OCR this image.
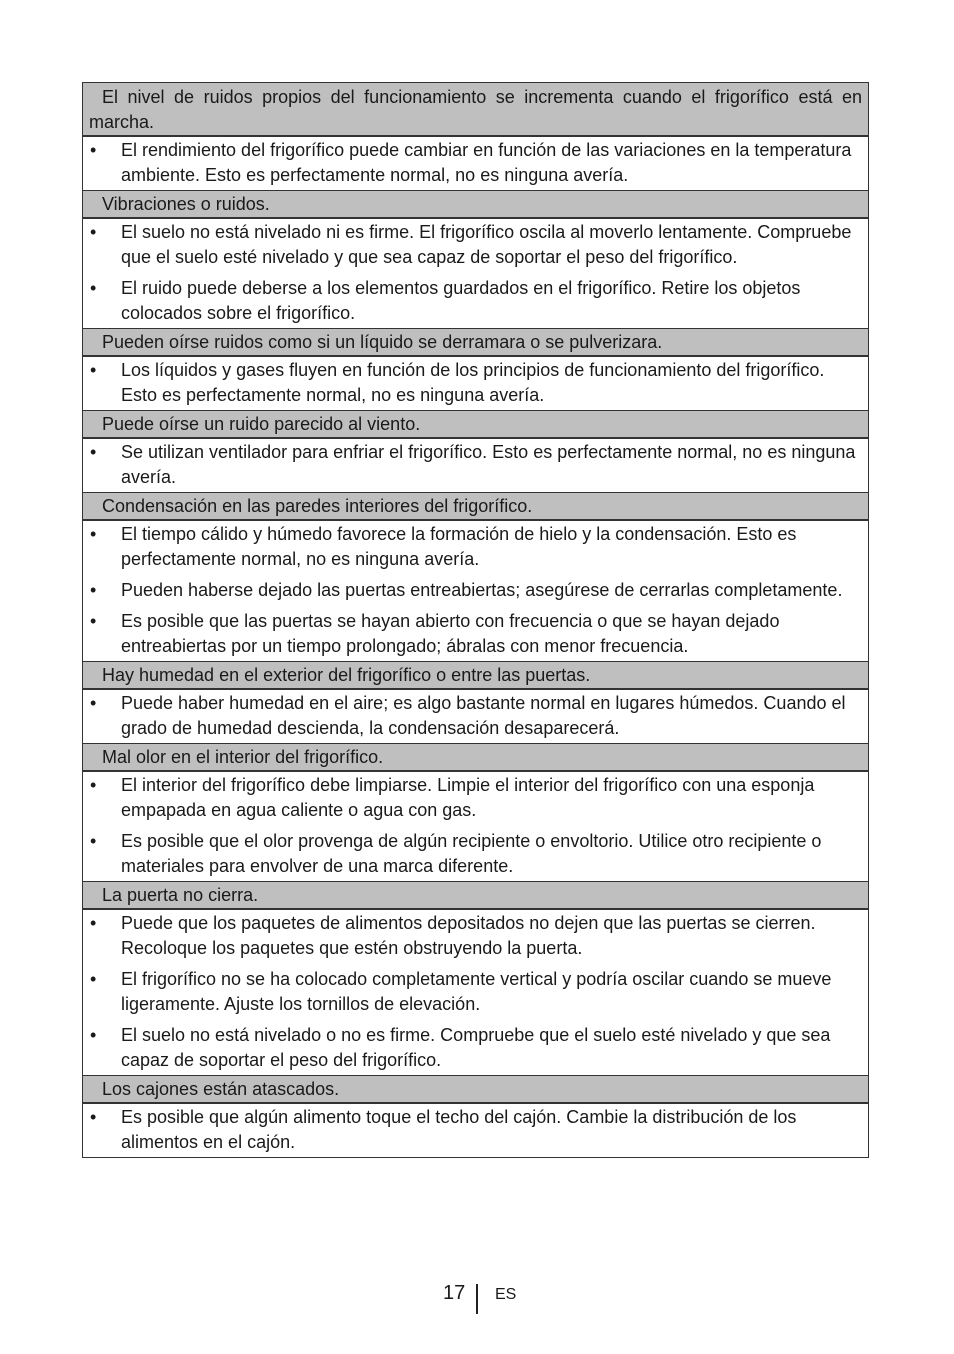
El nivel de ruidos propios del funcionamiento se incrementa cuando el frigorífico está en marcha.
•	El rendimiento del frigorífico puede cambiar en función de las variaciones en la temperatura ambiente. Esto es perfectamente normal, no es ninguna avería.
Vibraciones o ruidos.
•	El suelo no está nivelado ni es firme. El frigorífico oscila al moverlo lentamente. Compruebe que el suelo esté nivelado y que sea capaz de soportar el peso del frigorífico.
•	El ruido puede deberse a los elementos guardados en el frigorífico. Retire los objetos colocados sobre el frigorífico.
Pueden oírse ruidos como si un líquido se derramara o se pulverizara.
•	Los líquidos y gases fluyen en función de los principios de funcionamiento del frigorífico. Esto es perfectamente normal, no es ninguna avería.
Puede oírse un ruido parecido al viento.
•	Se utilizan ventilador para enfriar el frigorífico. Esto es perfectamente normal, no es ninguna avería.
Condensación en las paredes interiores del frigorífico.
•	El tiempo cálido y húmedo favorece la formación de hielo y la condensación. Esto es perfectamente normal, no es ninguna avería.
•	Pueden haberse dejado las puertas entreabiertas; asegúrese de cerrarlas completamente.
•	Es posible que las puertas se hayan abierto con frecuencia o que se hayan dejado entreabiertas por un tiempo prolongado; ábralas con menor frecuencia.
Hay humedad en el exterior del frigorífico o entre las puertas.
•	Puede haber humedad en el aire; es algo bastante normal en lugares húmedos. Cuando el grado de humedad descienda, la condensación desaparecerá.
Mal olor en el interior del frigorífico.
•	El interior del frigorífico debe limpiarse. Limpie el interior del frigorífico con una esponja empapada en agua caliente o agua con gas.
•	Es posible que el olor provenga de algún recipiente o envoltorio. Utilice otro recipiente o materiales para envolver de una marca diferente.
La puerta no cierra.
•	Puede que los paquetes de alimentos depositados no dejen que las puertas se cierren. Recoloque los paquetes que estén obstruyendo la puerta.
•	El frigorífico no se ha colocado completamente vertical y podría oscilar cuando se mueve ligeramente. Ajuste los tornillos de elevación.
•	El suelo no está nivelado o no es firme. Compruebe que el suelo esté nivelado y que sea capaz de soportar el peso del frigorífico.
Los cajones están atascados.
•	Es posible que algún alimento toque el techo del cajón. Cambie la distribución de los alimentos en el cajón.
17 ES
